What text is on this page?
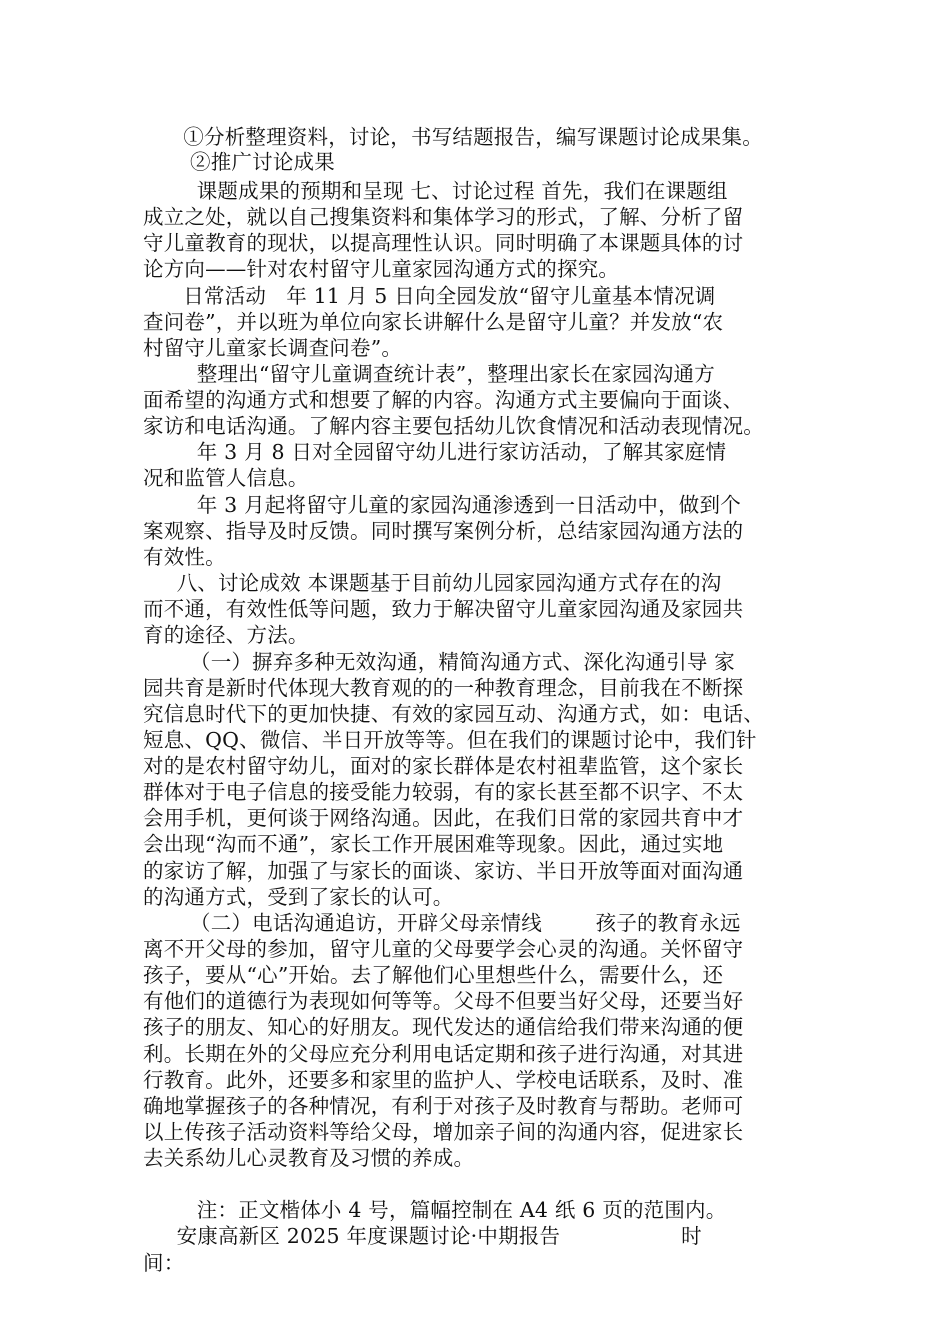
①分析整理资料，讨论，书写结题报告，编写课题讨论成果集。
②推广讨论成果
课题成果的预期和呈现 七、讨论过程 首先，我们在课题组
成立之处，就以自己搜集资料和集体学习的形式，了解、分析了留
守儿童教育的现状，以提高理性认识。同时明确了本课题具体的讨
论方向——针对农村留守儿童家园沟通方式的探究。
日常活动   年 11 月 5 日向全园发放“留守儿童基本情况调
查问卷”，并以班为单位向家长讲解什么是留守儿童？并发放“农
村留守儿童家长调查问卷”。
整理出“留守儿童调查统计表”，整理出家长在家园沟通方
面希望的沟通方式和想要了解的内容。沟通方式主要偏向于面谈、
家访和电话沟通。了解内容主要包括幼儿饮食情况和活动表现情况。
年 3 月 8 日对全园留守幼儿进行家访活动，了解其家庭情
况和监管人信息。
年 3 月起将留守儿童的家园沟通渗透到一日活动中，做到个
案观察、指导及时反馈。同时撰写案例分析，总结家园沟通方法的
有效性。
八、讨论成效 本课题基于目前幼儿园家园沟通方式存在的沟
而不通，有效性低等问题，致力于解决留守儿童家园沟通及家园共
育的途径、方法。
（一）摒弃多种无效沟通，精简沟通方式、深化沟通引导 家
园共育是新时代体现大教育观的的一种教育理念，目前我在不断探
究信息时代下的更加快捷、有效的家园互动、沟通方式，如：电话、
短息、QQ、微信、半日开放等等。但在我们的课题讨论中，我们针
对的是农村留守幼儿，面对的家长群体是农村祖辈监管，这个家长
群体对于电子信息的接受能力较弱，有的家长甚至都不识字、不太
会用手机，更何谈于网络沟通。因此，在我们日常的家园共育中才
会出现“沟而不通”，家长工作开展困难等现象。因此，通过实地
的家访了解，加强了与家长的面谈、家访、半日开放等面对面沟通
的沟通方式，受到了家长的认可。
（二）电话沟通追访，开辟父母亲情线        孩子的教育永远
离不开父母的参加，留守儿童的父母要学会心灵的沟通。关怀留守
孩子，要从“心”开始。去了解他们心里想些什么，需要什么，还
有他们的道德行为表现如何等等。父母不但要当好父母，还要当好
孩子的朋友、知心的好朋友。现代发达的通信给我们带来沟通的便
利。长期在外的父母应充分利用电话定期和孩子进行沟通，对其进
行教育。此外，还要多和家里的监护人、学校电话联系，及时、准
确地掌握孩子的各种情况，有利于对孩子及时教育与帮助。老师可
以上传孩子活动资料等给父母，增加亲子间的沟通内容，促进家长
去关系幼儿心灵教育及习惯的养成。
注：正文楷体小 4 号，篇幅控制在 A4 纸 6 页的范围内。
安康高新区 2025 年度课题讨论·中期报告                  时
间：
